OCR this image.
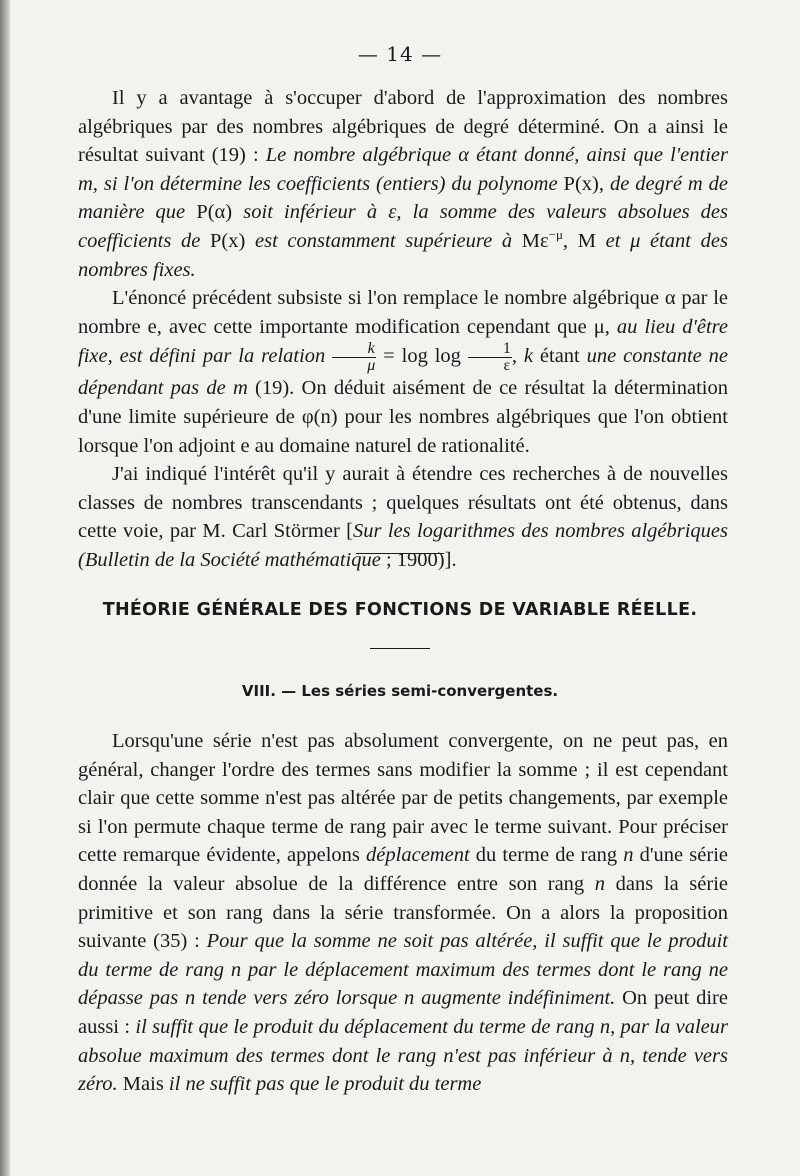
— 14 —

Il y a avantage à s'occuper d'abord de l'approximation des nombres algébriques par des nombres algébriques de degré déterminé. On a ainsi le résultat suivant (19) : Le nombre algébrique α étant donné, ainsi que l'entier m, si l'on détermine les coefficients (entiers) du polynome P(x), de degré m de manière que P(α) soit inférieur à ε, la somme des valeurs absolues des coefficients de P(x) est constamment supérieure à $M\varepsilon^{-\mu}$, M et μ étant des nombres fixes.

L'énoncé précédent subsiste si l'on remplace le nombre algébrique α par le nombre e, avec cette importante modification cependant que μ, au lieu d'être fixe, est défini par la relation $\frac{k}{\mu} = \log \log \frac{1}{\varepsilon}$ , k étant une constante ne dépendant pas de m (19). On déduit aisément de ce résultat la détermination d'une limite supérieure de φ(n) pour les nombres algébriques que l'on obtient lorsque l'on adjoint e au domaine naturel de rationalité.

J'ai indiqué l'intérêt qu'il y aurait à étendre ces recherches à de nouvelles classes de nombres transcendants ; quelques résultats ont été obtenus, dans cette voie, par M. Carl Störmer [Sur les logarithmes des nombres algébriques (Bulletin de la Société mathématique ; 1900)].

THÉORIE GÉNÉRALE DES FONCTIONS DE VARIABLE RÉELLE.
VIII. — Les séries semi-convergentes.

Lorsqu'une série n'est pas absolument convergente, on ne peut pas, en général, changer l'ordre des termes sans modifier la somme ; il est cependant clair que cette somme n'est pas altérée par de petits changements, par exemple si l'on permute chaque terme de rang pair avec le terme suivant. Pour préciser cette remarque évidente, appelons déplacement du terme de rang n d'une série donnée la valeur absolue de la différence entre son rang n dans la série primitive et son rang dans la série transformée. On a alors la proposition suivante (35) : Pour que la somme ne soit pas altérée, il suffit que le produit du terme de rang n par le déplacement maximum des termes dont le rang ne dépasse pas n tende vers zéro lorsque n augmente indéfiniment. On peut dire aussi : il suffit que le produit du déplacement du terme de rang n, par la valeur absolue maximum des termes dont le rang n'est pas inférieur à n, tende vers zéro. Mais il ne suffit pas que le produit du terme
